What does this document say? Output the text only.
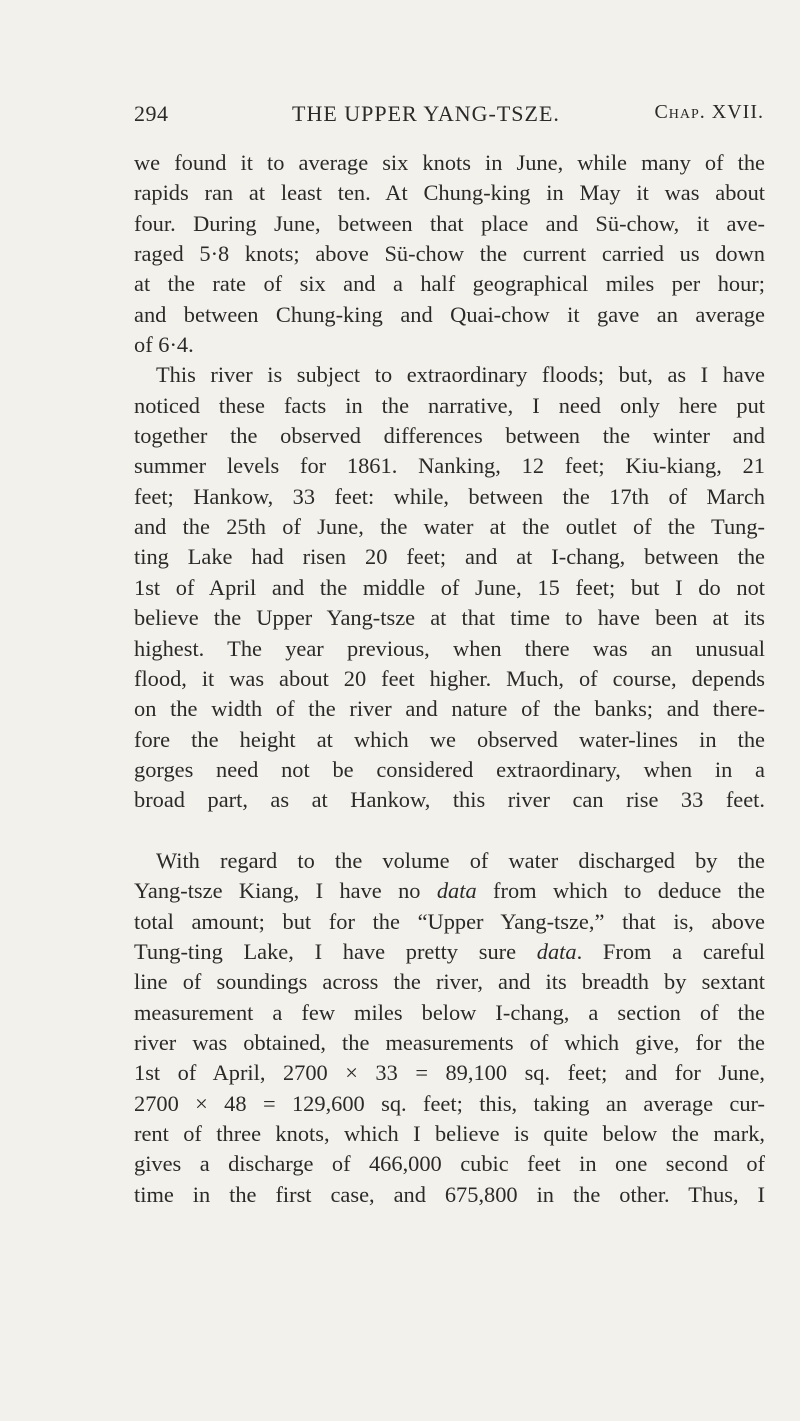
294	THE UPPER YANG-TSZE.	Chap. XVII.
we found it to average six knots in June, while many of the
rapids ran at least ten. At Chung-king in May it was about
four. During June, between that place and Sü-chow, it ave-
raged 5·8 knots; above Sü-chow the current carried us down
at the rate of six and a half geographical miles per hour;
and between Chung-king and Quai-chow it gave an average
of 6·4.
This river is subject to extraordinary floods; but, as I have
noticed these facts in the narrative, I need only here put
together the observed differences between the winter and
summer levels for 1861. Nanking, 12 feet; Kiu-kiang, 21
feet; Hankow, 33 feet: while, between the 17th of March
and the 25th of June, the water at the outlet of the Tung-
ting Lake had risen 20 feet; and at I-chang, between the
1st of April and the middle of June, 15 feet; but I do not
believe the Upper Yang-tsze at that time to have been at its
highest. The year previous, when there was an unusual
flood, it was about 20 feet higher. Much, of course, depends
on the width of the river and nature of the banks; and there-
fore the height at which we observed water-lines in the
gorges need not be considered extraordinary, when in a
broad part, as at Hankow, this river can rise 33 feet.
With regard to the volume of water discharged by the
Yang-tsze Kiang, I have no data from which to deduce the
total amount; but for the “Upper Yang-tsze,” that is, above
Tung-ting Lake, I have pretty sure data. From a careful
line of soundings across the river, and its breadth by sextant
measurement a few miles below I-chang, a section of the
river was obtained, the measurements of which give, for the
1st of April, 2700 × 33 = 89,100 sq. feet; and for June,
2700 × 48 = 129,600 sq. feet; this, taking an average cur-
rent of three knots, which I believe is quite below the mark,
gives a discharge of 466,000 cubic feet in one second of
time in the first case, and 675,800 in the other. Thus, I
